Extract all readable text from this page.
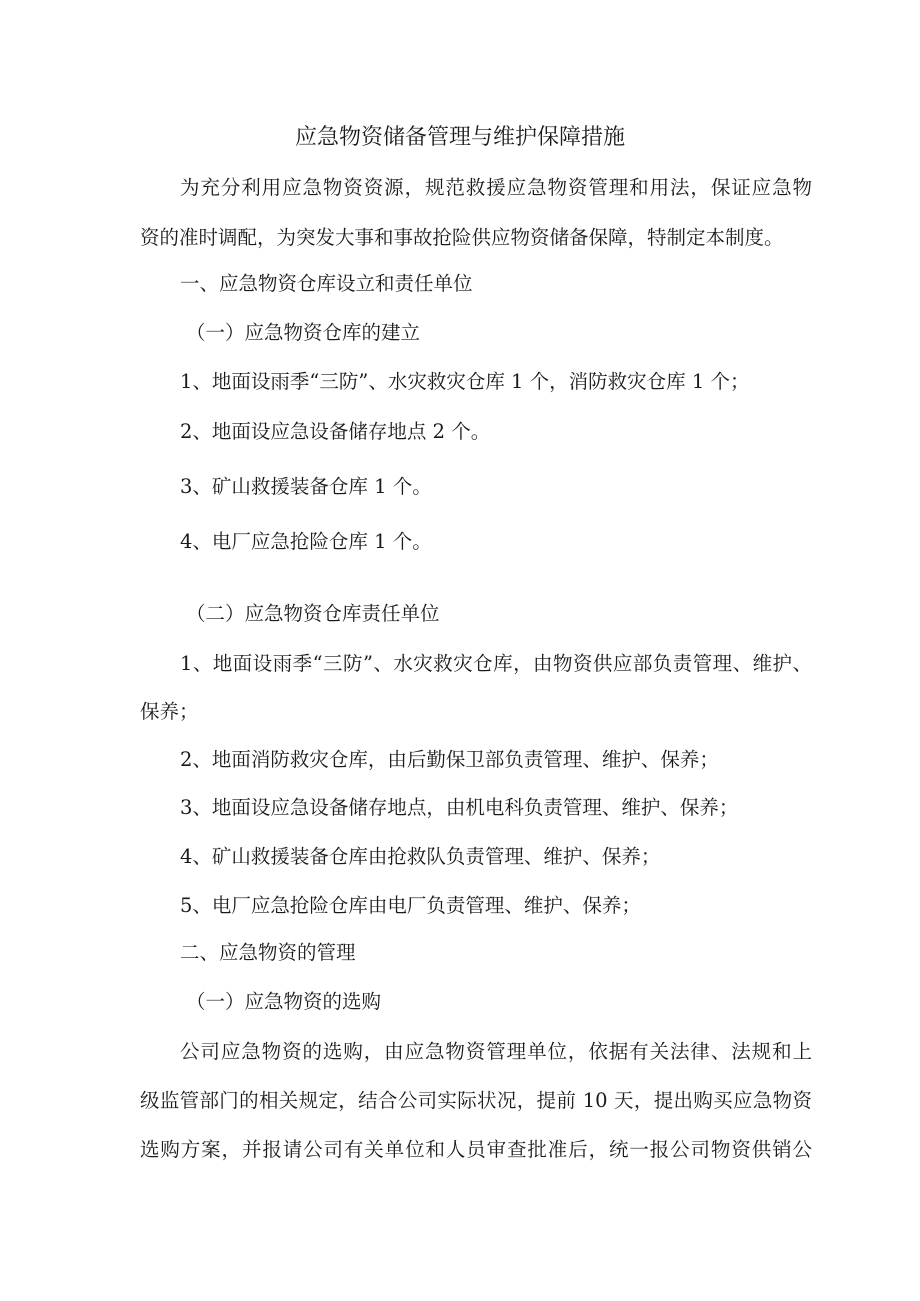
应急物资储备管理与维护保障措施
为充分利用应急物资资源，规范救援应急物资管理和用法，保证应急物
资的准时调配，为突发大事和事故抢险供应物资储备保障，特制定本制度。
一、应急物资仓库设立和责任单位
（一）应急物资仓库的建立
1、地面设雨季“三防”、水灾救灾仓库 1 个，消防救灾仓库 1 个；
2、地面设应急设备储存地点 2 个。
3、矿山救援装备仓库 1 个。
4、电厂应急抢险仓库 1 个。
（二）应急物资仓库责任单位
1、地面设雨季“三防”、水灾救灾仓库，由物资供应部负责管理、维护、
保养；
2、地面消防救灾仓库，由后勤保卫部负责管理、维护、保养；
3、地面设应急设备储存地点，由机电科负责管理、维护、保养；
4、矿山救援装备仓库由抢救队负责管理、维护、保养；
5、电厂应急抢险仓库由电厂负责管理、维护、保养；
二、应急物资的管理
（一）应急物资的选购
公司应急物资的选购，由应急物资管理单位，依据有关法律、法规和上
级监管部门的相关规定，结合公司实际状况，提前 10 天，提出购买应急物资
选购方案，并报请公司有关单位和人员审查批准后，统一报公司物资供销公
